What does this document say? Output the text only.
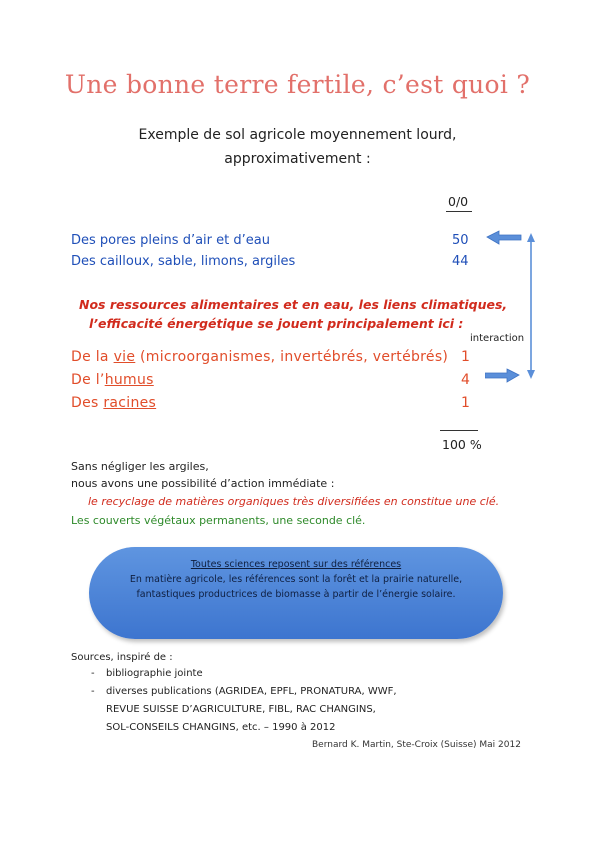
Une bonne terre fertile, c’est quoi ?
Exemple de sol agricole moyennement lourd,
approximativement :
0/0
Des pores pleins d’air et d’eau	50
Des cailloux, sable, limons, argiles	44
Nos ressources alimentaires et en eau, les liens climatiques,
l’efficacité énergétique se jouent principalement ici :
interaction
De la vie (microorganismes, invertébrés, vertébrés) 1
De l’humus	4
Des racines	1
100 %
Sans négliger les argiles,
nous avons une possibilité d’action immédiate :
le recyclage de matières organiques très diversifiées en constitue une clé.
Les couverts végétaux permanents, une seconde clé.
Toutes sciences reposent sur des références
En matière agricole, les références sont la forêt et la prairie naturelle,
fantastiques productrices de biomasse à partir de l’énergie solaire.
Sources, inspiré de :
- bibliographie jointe
- diverses publications (AGRIDEA, EPFL, PRONATURA, WWF,
REVUE SUISSE D’AGRICULTURE, FIBL, RAC CHANGINS,
SOL-CONSEILS CHANGINS, etc. – 1990 à 2012
Bernard K. Martin, Ste-Croix (Suisse) Mai 2012
